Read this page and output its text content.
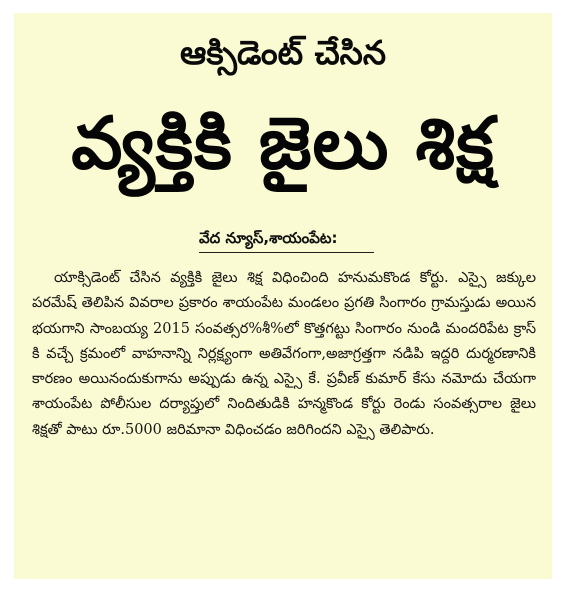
ఆక్సిడెంట్ చేసిన
వ్యక్తికి జైలు శిక్ష
వేద న్యూస్,శాయంపేట:

యాక్సిడెంట్ చేసిన వ్యక్తికి జైలు శిక్ష విధించింది హనుమకొండ కోర్టు. ఎస్సై జక్కుల పరమేష్ తెలిపిన వివరాల ప్రకారం శాయంపేట మండలం ప్రగతి సింగారం గ్రామస్తుడు అయిన భయగాని సాంబయ్య 2015 సంవత్సర%శీ%లో కొత్తగట్టు సింగారం నుండి మందరిపేట క్రాస్ కి వచ్చే క్రమంలో వాహనాన్ని నిర్లక్ష్యంగా అతివేగంగా,అజాగ్రత్తగా నడిపి ఇద్దరి దుర్మరణానికి కారణం అయినందుకుగాను అప్పుడు ఉన్న ఎస్సై కే. ప్రవీణ్ కుమార్ కేసు నమోదు చేయగా శాయంపేట పోలీసుల దర్యాప్తులో నిందితుడికి హన్మకొండ కోర్టు రెండు సంవత్సరాల జైలు శిక్షతో పాటు రూ.5000 జరిమానా విధించడం జరిగిందని ఎస్సై తెలిపారు.
